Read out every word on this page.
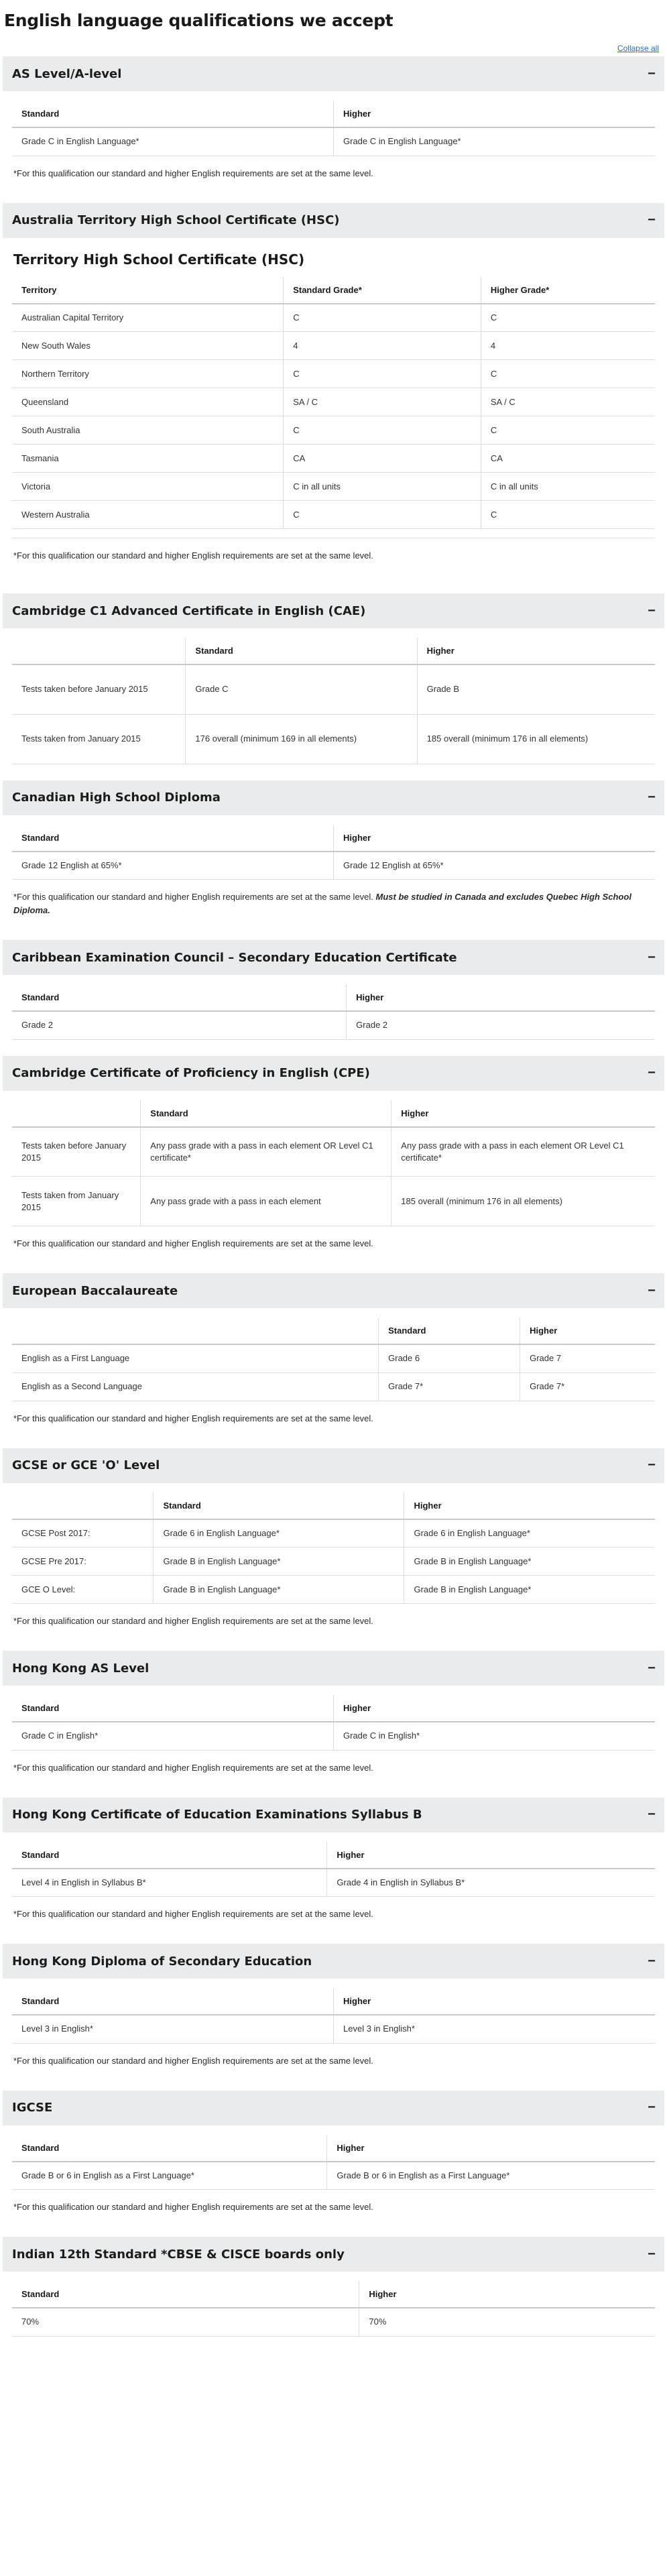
English language qualifications we accept
Collapse all
AS Level/A-level	−
Standard	Higher
Grade C in English Language*	Grade C in English Language*

*For this qualification our standard and higher English requirements are set at the same level.

Australia Territory High School Certificate (HSC)	−
Territory High School Certificate (HSC)
Territory	Standard Grade*	Higher Grade*
Australian Capital Territory	C	C
New South Wales	4	4
Northern Territory	C	C
Queensland	SA / C	SA / C
South Australia	C	C
Tasmania	CA	CA
Victoria	C in all units	C in all units
Western Australia	C	C

*For this qualification our standard and higher English requirements are set at the same level.

Cambridge C1 Advanced Certificate in English (CAE)	−
	Standard	Higher
Tests taken before January 2015	Grade C	Grade B
Tests taken from January 2015	176 overall (minimum 169 in all elements)	185 overall (minimum 176 in all elements)
Canadian High School Diploma	−
Standard	Higher
Grade 12 English at 65%*	Grade 12 English at 65%*

*For this qualification our standard and higher English requirements are set at the same level. Must be studied in Canada and excludes Quebec High School Diploma.

Caribbean Examination Council – Secondary Education Certificate	−
Standard	Higher
Grade 2	Grade 2
Cambridge Certificate of Proficiency in English (CPE)	−
	Standard	Higher
Tests taken before January 2015	Any pass grade with a pass in each element OR Level C1 certificate*	Any pass grade with a pass in each element OR Level C1 certificate*
Tests taken from January 2015	Any pass grade with a pass in each element	185 overall (minimum 176 in all elements)

*For this qualification our standard and higher English requirements are set at the same level.

European Baccalaureate	−
	Standard	Higher
English as a First Language	Grade 6	Grade 7
English as a Second Language	Grade 7*	Grade 7*

*For this qualification our standard and higher English requirements are set at the same level.

GCSE or GCE 'O' Level	−
	Standard	Higher
GCSE Post 2017:	Grade 6 in English Language*	Grade 6 in English Language*
GCSE Pre 2017:	Grade B in English Language*	Grade B in English Language*
GCE O Level:	Grade B in English Language*	Grade B in English Language*

*For this qualification our standard and higher English requirements are set at the same level.

Hong Kong AS Level	−
Standard	Higher
Grade C in English*	Grade C in English*

*For this qualification our standard and higher English requirements are set at the same level.

Hong Kong Certificate of Education Examinations Syllabus B	−
Standard	Higher
Level 4 in English in Syllabus B*	Grade 4 in English in Syllabus B*

*For this qualification our standard and higher English requirements are set at the same level.

Hong Kong Diploma of Secondary Education	−
Standard	Higher
Level 3 in English*	Level 3 in English*

*For this qualification our standard and higher English requirements are set at the same level.

IGCSE	−
Standard	Higher
Grade B or 6 in English as a First Language*	Grade B or 6 in English as a First Language*

*For this qualification our standard and higher English requirements are set at the same level.

Indian 12th Standard *CBSE & CISCE boards only	−
Standard	Higher
70%	70%
